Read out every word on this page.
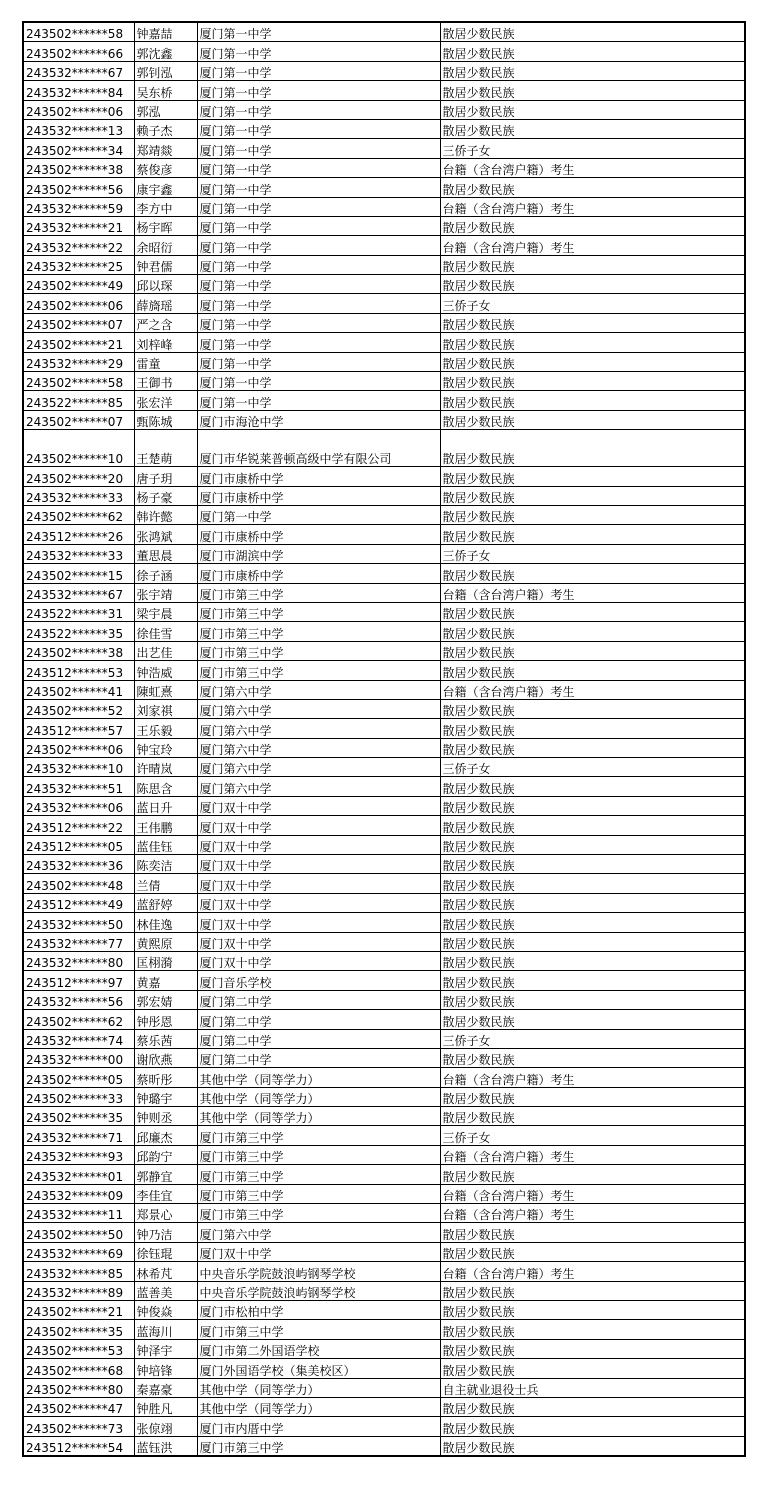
243502******58	钟嘉喆	厦门第一中学	散居少数民族
243502******66	郭沈鑫	厦门第一中学	散居少数民族
243532******67	郭钊泓	厦门第一中学	散居少数民族
243532******84	吴东桥	厦门第一中学	散居少数民族
243502******06	郭泓	厦门第一中学	散居少数民族
243532******13	赖子杰	厦门第一中学	散居少数民族
243502******34	郑靖燚	厦门第一中学	三侨子女
243502******38	蔡俊彦	厦门第一中学	台籍（含台湾户籍）考生
243502******56	康宇鑫	厦门第一中学	散居少数民族
243532******59	李方中	厦门第一中学	台籍（含台湾户籍）考生
243532******21	杨宇晖	厦门第一中学	散居少数民族
243532******22	余昭衍	厦门第一中学	台籍（含台湾户籍）考生
243532******25	钟君儒	厦门第一中学	散居少数民族
243502******49	邱以琛	厦门第一中学	散居少数民族
243502******06	薛旖瑶	厦门第一中学	三侨子女
243502******07	严之含	厦门第一中学	散居少数民族
243502******21	刘梓峰	厦门第一中学	散居少数民族
243532******29	雷童	厦门第一中学	散居少数民族
243502******58	王御书	厦门第一中学	散居少数民族
243522******85	张宏洋	厦门第一中学	散居少数民族
243502******07	甄陈城	厦门市海沧中学	散居少数民族
243502******10	王楚萌	厦门市华锐莱普顿高级中学有限公司	散居少数民族
243502******20	唐子玥	厦门市康桥中学	散居少数民族
243532******33	杨子豪	厦门市康桥中学	散居少数民族
243502******62	韩许懿	厦门第一中学	散居少数民族
243512******26	张鸿斌	厦门市康桥中学	散居少数民族
243532******33	董思晨	厦门市湖滨中学	三侨子女
243502******15	徐子涵	厦门市康桥中学	散居少数民族
243532******67	张宇靖	厦门市第三中学	台籍（含台湾户籍）考生
243522******31	梁宇晨	厦门市第三中学	散居少数民族
243522******35	徐佳雪	厦门市第三中学	散居少数民族
243502******38	出艺佳	厦门市第三中学	散居少数民族
243512******53	钟浩威	厦门市第三中学	散居少数民族
243502******41	陳虹熹	厦门第六中学	台籍（含台湾户籍）考生
243502******52	刘家祺	厦门第六中学	散居少数民族
243512******57	王乐毅	厦门第六中学	散居少数民族
243502******06	钟宝玲	厦门第六中学	散居少数民族
243532******10	许晴岚	厦门第六中学	三侨子女
243532******51	陈思含	厦门第六中学	散居少数民族
243532******06	蓝日升	厦门双十中学	散居少数民族
243512******22	王伟鹏	厦门双十中学	散居少数民族
243512******05	蓝佳钰	厦门双十中学	散居少数民族
243532******36	陈奕洁	厦门双十中学	散居少数民族
243502******48	兰倩	厦门双十中学	散居少数民族
243512******49	蓝舒婷	厦门双十中学	散居少数民族
243532******50	林佳逸	厦门双十中学	散居少数民族
243532******77	黄熙原	厦门双十中学	散居少数民族
243532******80	匡栩漪	厦门双十中学	散居少数民族
243512******97	黄嘉	厦门音乐学校	散居少数民族
243532******56	郭宏婧	厦门第二中学	散居少数民族
243502******62	钟彤恩	厦门第二中学	散居少数民族
243532******74	蔡乐茜	厦门第二中学	三侨子女
243532******00	谢欣燕	厦门第二中学	散居少数民族
243502******05	蔡昕彤	其他中学（同等学力）	台籍（含台湾户籍）考生
243502******33	钟璐宇	其他中学（同等学力）	散居少数民族
243502******35	钟则丞	其他中学（同等学力）	散居少数民族
243532******71	邱廉杰	厦门市第三中学	三侨子女
243532******93	邱韵宁	厦门市第三中学	台籍（含台湾户籍）考生
243532******01	郭静宜	厦门市第三中学	散居少数民族
243532******09	李佳宜	厦门市第三中学	台籍（含台湾户籍）考生
243532******11	郑景心	厦门市第三中学	台籍（含台湾户籍）考生
243502******50	钟乃洁	厦门第六中学	散居少数民族
243532******69	徐钰琨	厦门双十中学	散居少数民族
243532******85	林希芃	中央音乐学院鼓浪屿钢琴学校	台籍（含台湾户籍）考生
243532******89	蓝善美	中央音乐学院鼓浪屿钢琴学校	散居少数民族
243502******21	钟俊焱	厦门市松柏中学	散居少数民族
243502******35	蓝海川	厦门市第三中学	散居少数民族
243502******53	钟泽宇	厦门市第二外国语学校	散居少数民族
243502******68	钟培锋	厦门外国语学校（集美校区）	散居少数民族
243502******80	秦嘉豪	其他中学（同等学力）	自主就业退役士兵
243502******47	钟胜凡	其他中学（同等学力）	散居少数民族
243502******73	张倞翊	厦门市内厝中学	散居少数民族
243512******54	蓝钰洪	厦门市第三中学	散居少数民族
